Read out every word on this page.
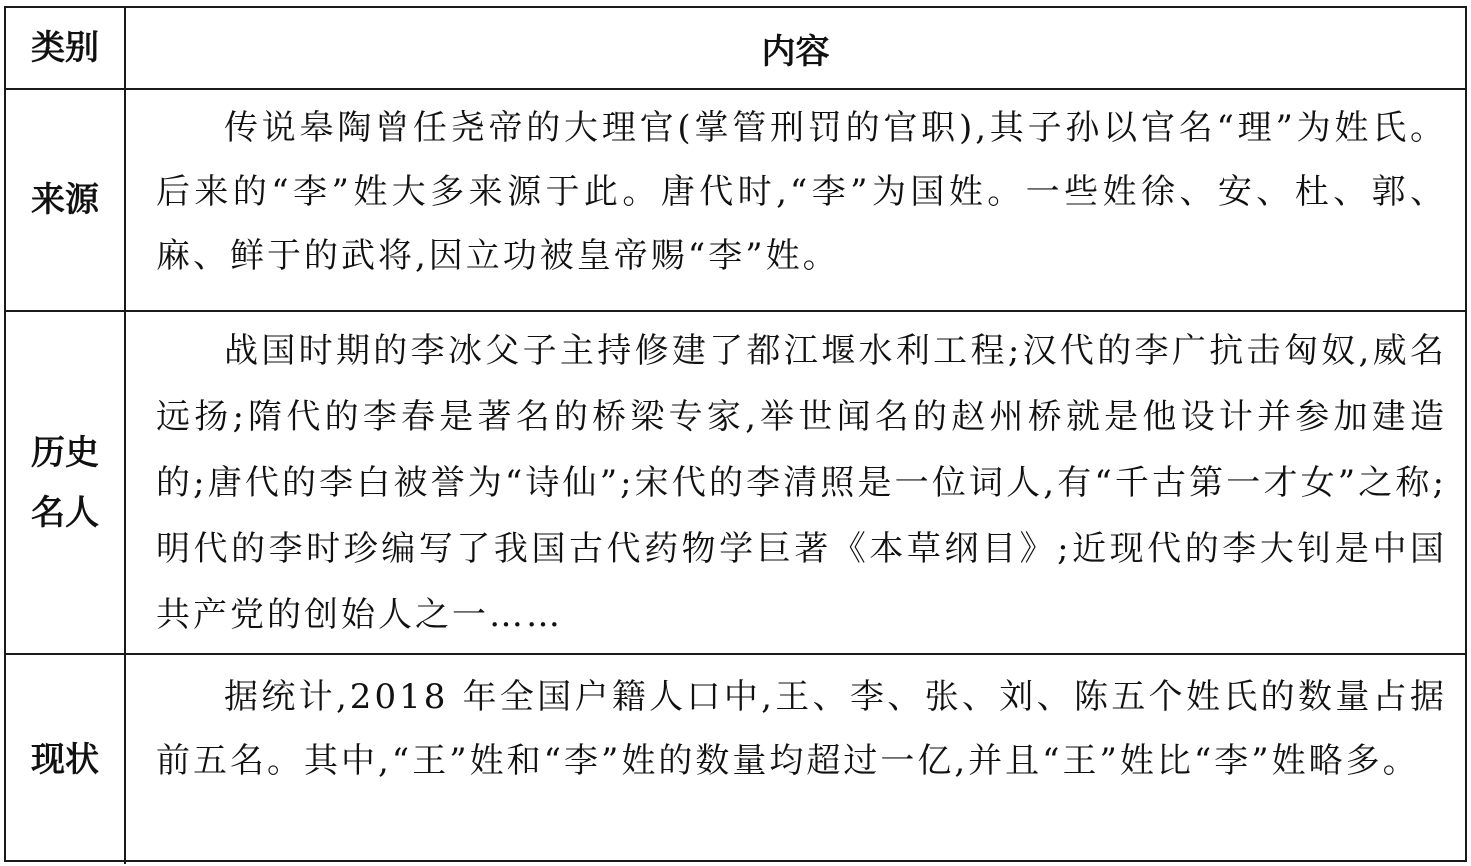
类别	内容
来源

传说皋陶曾任尧帝的大理官(掌管刑罚的官职),其子孙以官名“理”为姓氏。后来的“李”姓大多来源于此。唐代时,“李”为国姓。一些姓徐、安、杜、郭、麻、鲜于的武将,因立功被皇帝赐“李”姓。

历史名人

战国时期的李冰父子主持修建了都江堰水利工程;汉代的李广抗击匈奴,威名远扬;隋代的李春是著名的桥梁专家,举世闻名的赵州桥就是他设计并参加建造的;唐代的李白被誉为“诗仙”;宋代的李清照是一位词人,有“千古第一才女”之称;明代的李时珍编写了我国古代药物学巨著《本草纲目》;近现代的李大钊是中国共产党的创始人之一……

现状

据统计,2018 年全国户籍人口中,王、李、张、刘、陈五个姓氏的数量占据前五名。其中,“王”姓和“李”姓的数量均超过一亿,并且“王”姓比“李”姓略多。
